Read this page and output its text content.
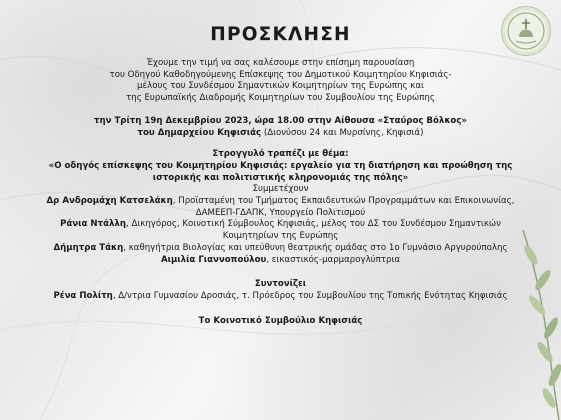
ΠΡΟΣΚΛΗΣΗ

Έχουμε την τιμή να σας καλέσουμε στην επίσημη παρουσίαση

του Οδηγού Καθοδηγούμενης Επίσκεψης του Δημοτικού Κοιμητηρίου Κηφισιάς-

μέλους του Συνδέσμου Σημαντικών Κοιμητηρίων της Ευρώπης και

της Ευρωπαϊκής Διαδρομής Κοιμητηρίων του Συμβουλίου της Ευρώπης

την Τρίτη 19η Δεκεμβρίου 2023, ώρα 18.00 στην Αίθουσα «Σταύρος Βόλκος»

του Δημαρχείου Κηφισιάς (Διονύσου 24 και Μυρσίνης, Κηφισιά)

Στρογγυλό τραπέζι με θέμα:

«Ο οδηγός επίσκεψης του Κοιμητηρίου Κηφισιάς: εργαλείο για τη διατήρηση και προώθηση της

ιστορικής και πολιτιστικής κληρονομιάς της πόλης»

Συμμετέχουν

Δρ Ανδρομάχη Κατσελάκη, Προϊσταμένη του Τμήματος Εκπαιδευτικών Προγραμμάτων και Επικοινωνίας,

ΔΑΜΕΕΠ-ΓΔΑΠΚ, Υπουργείο Πολιτισμού

Ράνια Ντάλλη, Δικηγόρος, Κοινοτική Σύμβουλος Κηφισιάς, μέλος του ΔΣ του Συνδέσμου Σημαντικών

Κοιμητηρίων της Ευρώπης

Δήμητρα Τάκη, καθηγήτρια Βιολογίας και υπεύθυνη θεατρικής ομάδας στο 1ο Γυμνάσιο Αργυρούπολης

Αιμιλία Γιαννοπούλου, εικαστικός-μαρμαρογλύπτρια

Συντονίζει

Ρένα Πολίτη, Δ/ντρια Γυμνασίου Δροσιάς, τ. Πρόεδρος του Συμβουλίου της Τοπικής Ενότητας Κηφισιάς

Το Κοινοτικό Συμβούλιο Κηφισιάς
